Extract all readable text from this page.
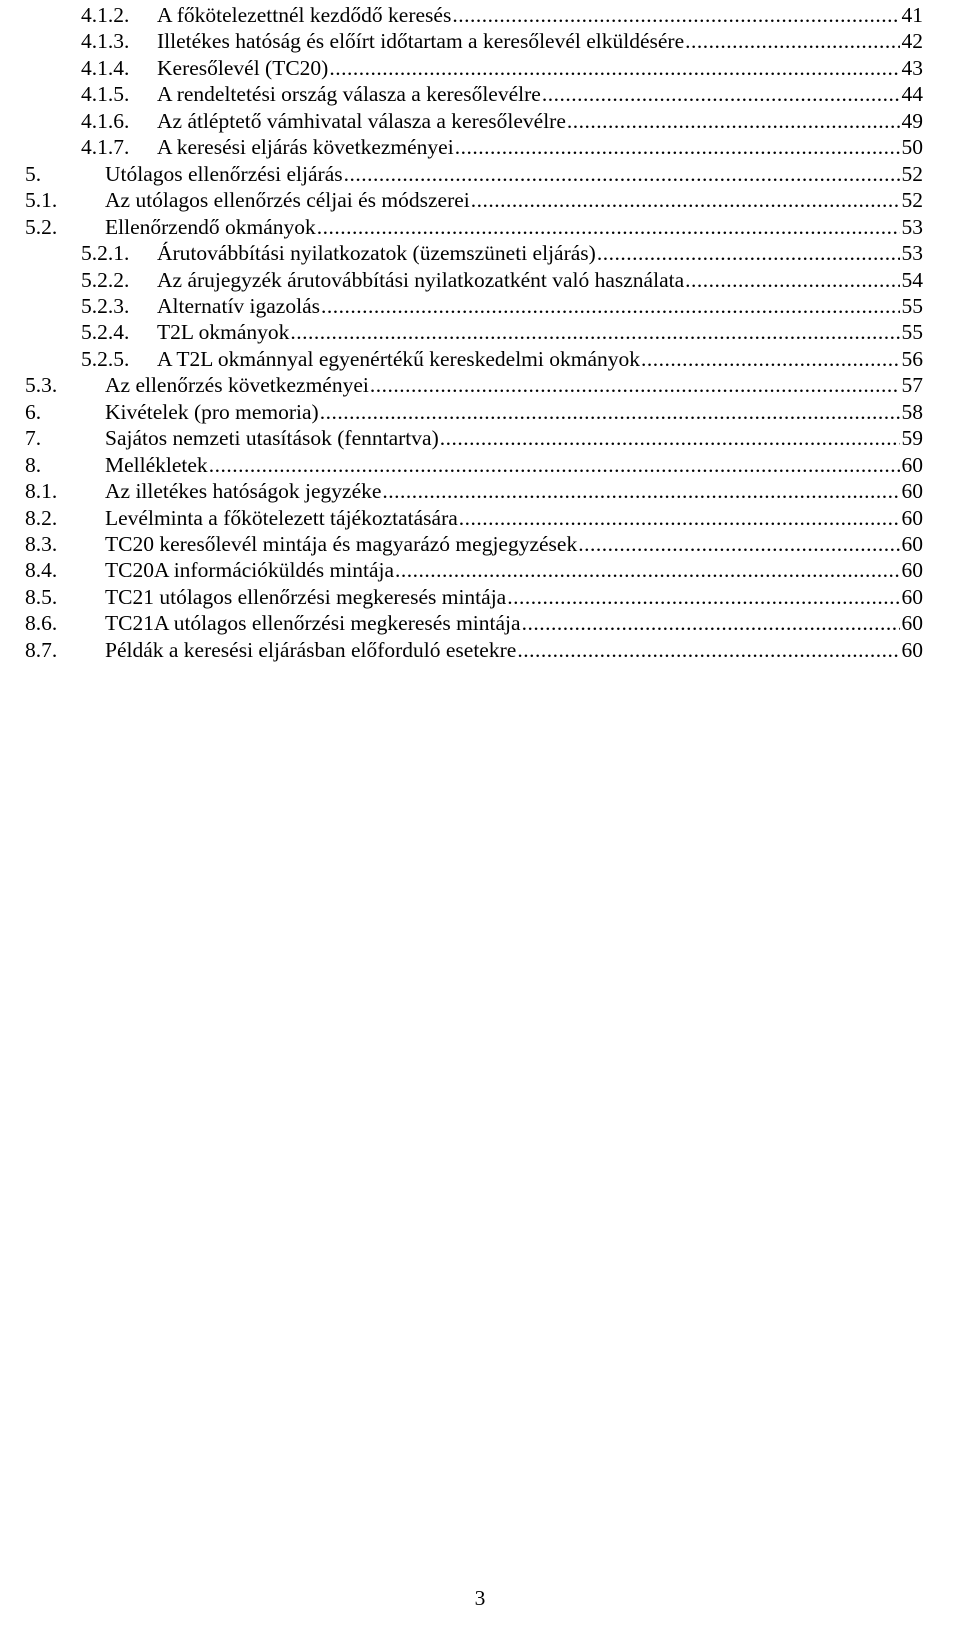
4.1.2.	A főkötelezettnél kezdődő keresés .....	41
4.1.3.	Illetékes hatóság és előírt időtartam a keresőlevél elküldésére .....	42
4.1.4.	Keresőlevél (TC20) .....	43
4.1.5.	A rendeltetési ország válasza a keresőlevélre .....	44
4.1.6.	Az átléptető vámhivatal válasza a keresőlevélre .....	49
4.1.7.	A keresési eljárás következményei .....	50
5.	Utólagos ellenőrzési eljárás .....	52
5.1.	Az utólagos ellenőrzés céljai és módszerei .....	52
5.2.	Ellenőrzendő okmányok .....	53
5.2.1.	Árutovábbítási nyilatkozatok (üzemszüneti eljárás) .....	53
5.2.2.	Az árujegyzék árutovábbítási nyilatkozatként való használata .....	54
5.2.3.	Alternatív igazolás .....	55
5.2.4.	T2L okmányok .....	55
5.2.5.	A T2L okmánnyal egyenértékű kereskedelmi okmányok .....	56
5.3.	Az ellenőrzés következményei .....	57
6.	Kivételek (pro memoria) .....	58
7.	Sajátos nemzeti utasítások (fenntartva) .....	59
8.	Mellékletek .....	60
8.1.	Az illetékes hatóságok jegyzéke .....	60
8.2.	Levélminta a főkötelezett tájékoztatására .....	60
8.3.	TC20 keresőlevél mintája és magyarázó megjegyzések .....	60
8.4.	TC20A információküldés mintája .....	60
8.5.	TC21 utólagos ellenőrzési megkeresés mintája .....	60
8.6.	TC21A utólagos ellenőrzési megkeresés mintája .....	60
8.7.	Példák a keresési eljárásban előforduló esetekre .....	60
3
